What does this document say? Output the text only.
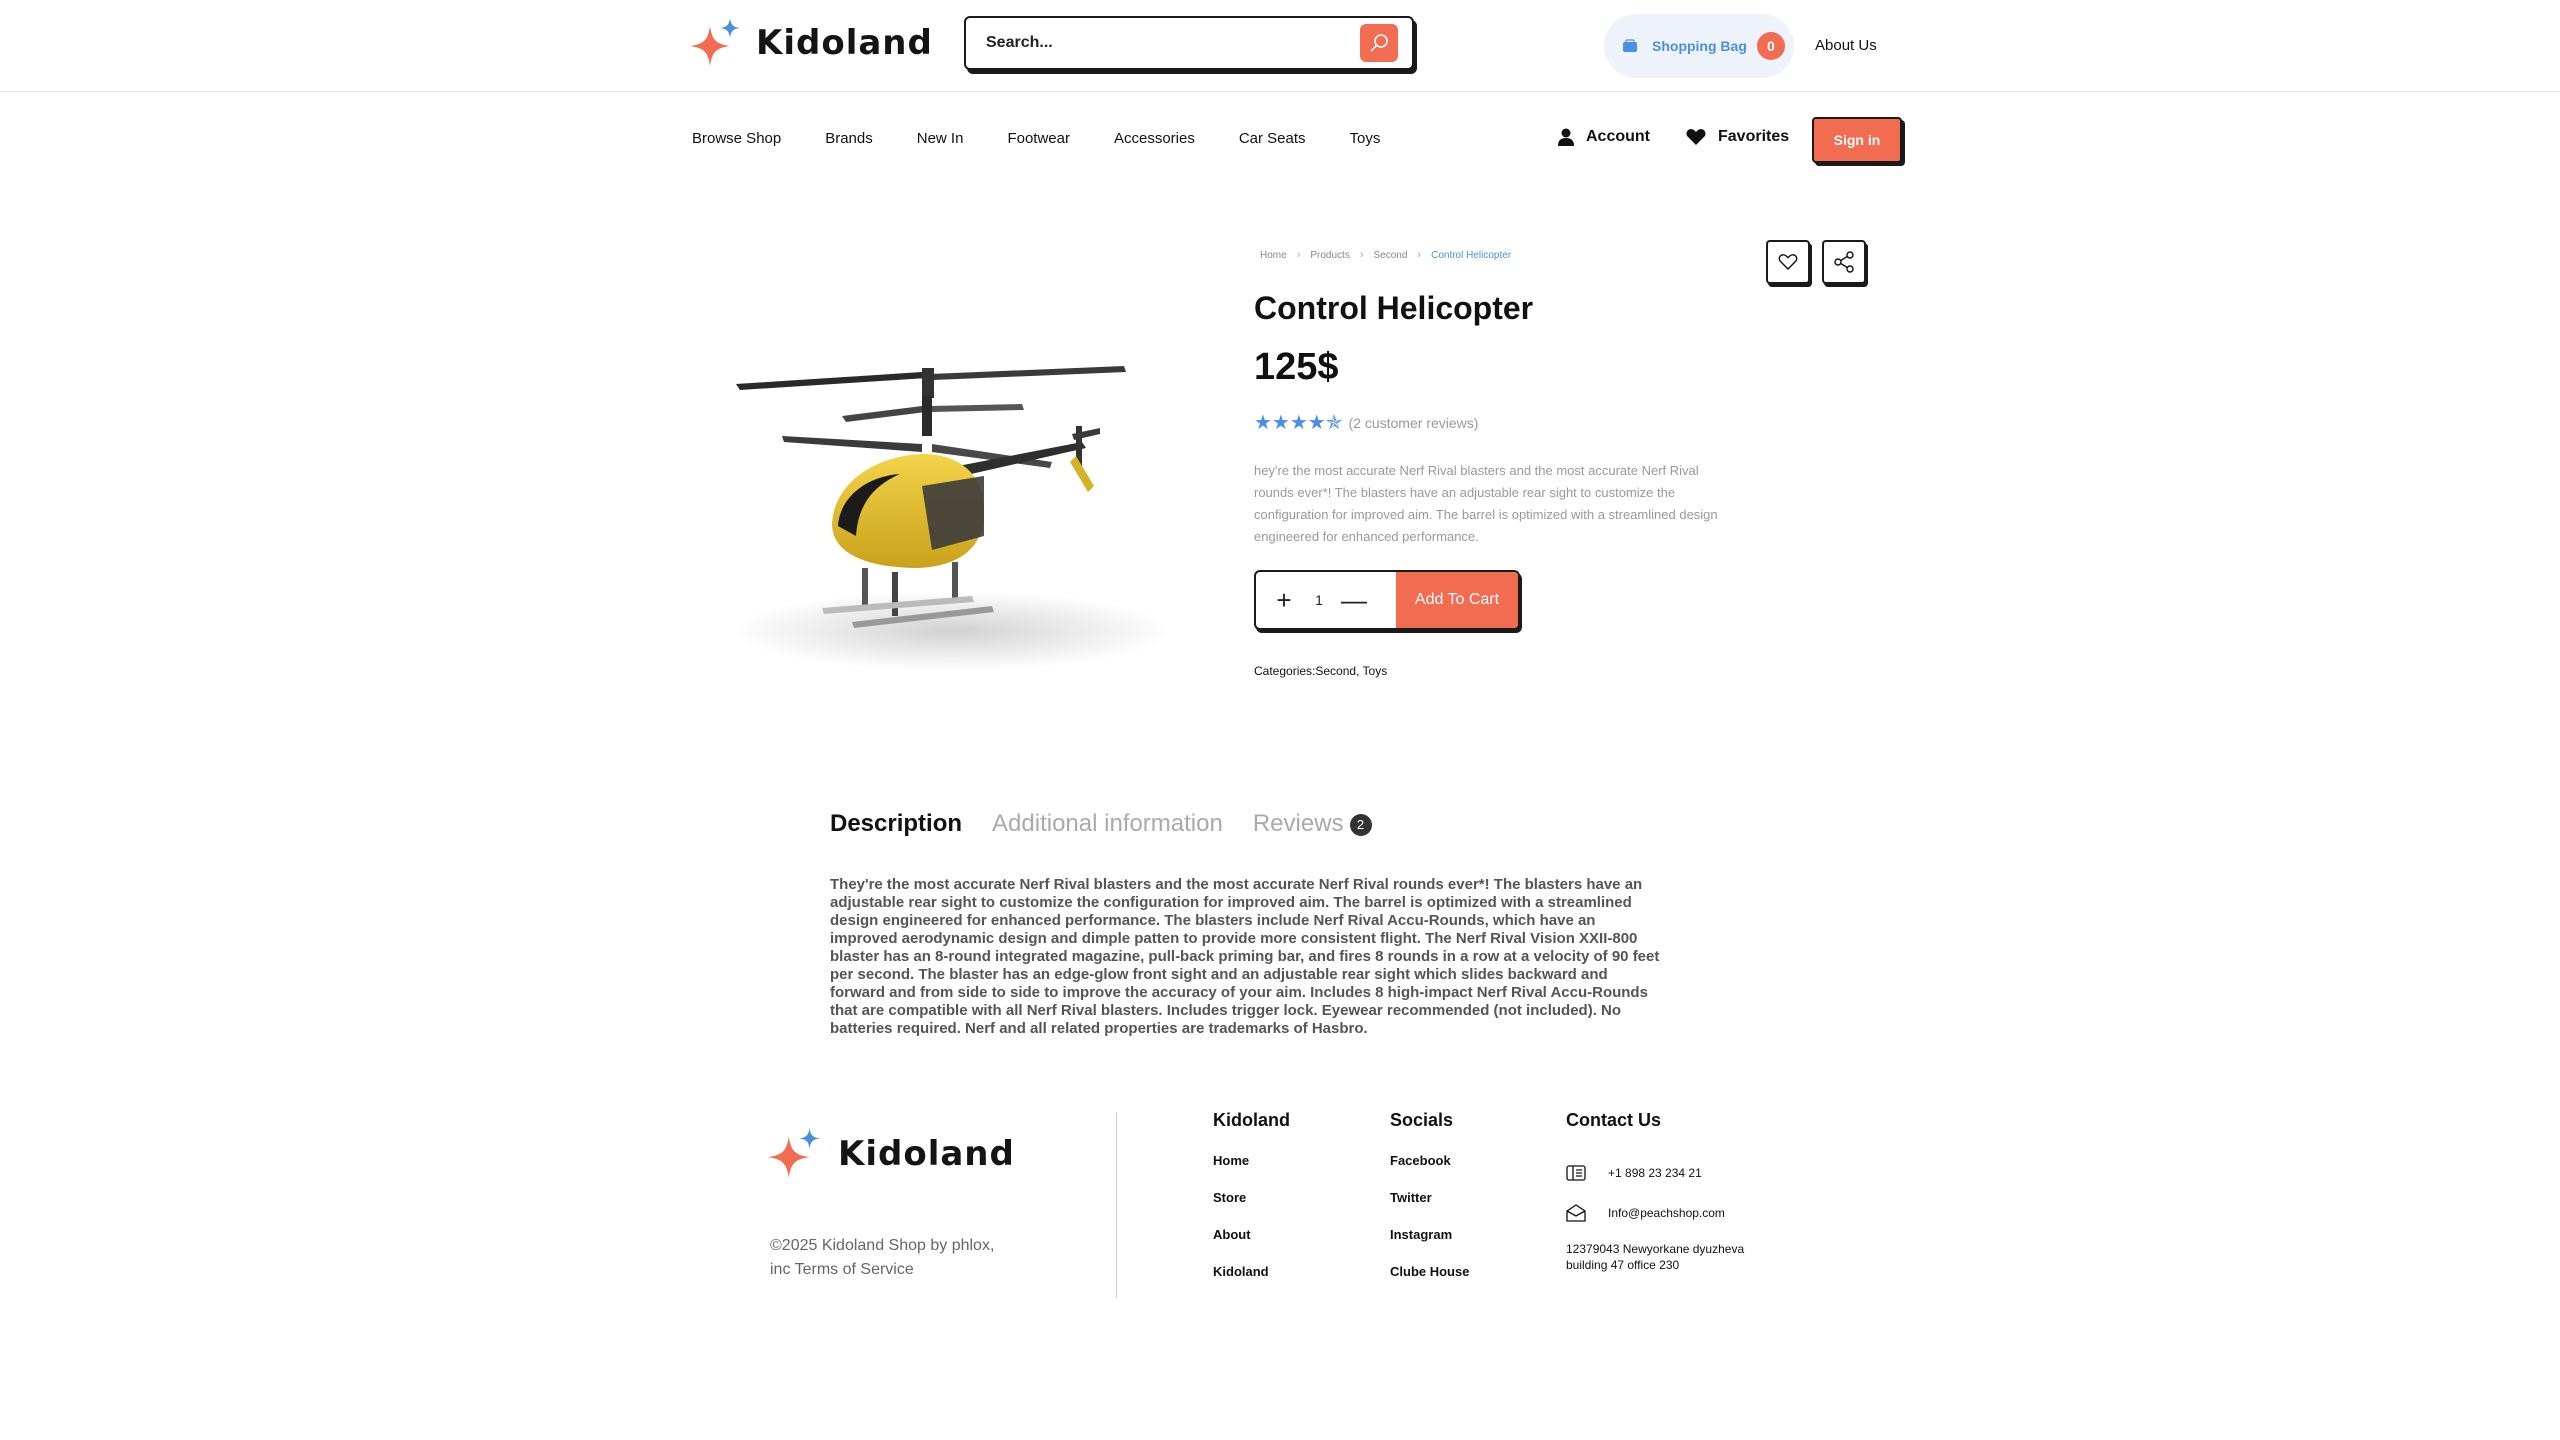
Kidoland
Search...	Shopping Bag	0	About Us
Browse Shop	Brands	New In	Footwear	Accessories	Car Seats	Toys	Account	Favorites	Sign in
Home › Products › Second › Control Helicopter
Control Helicopter
125$
★★★★✯ (2 customer reviews)

hey're the most accurate Nerf Rival blasters and the most accurate Nerf Rival rounds ever*! The blasters have an adjustable rear sight to customize the configuration for improved aim. The barrel is optimized with a streamlined design engineered for enhanced performance.

+	1 —	Add To Cart
Categories:Second, Toys
Description Additional information Reviews 2

They're the most accurate Nerf Rival blasters and the most accurate Nerf Rival rounds ever*! The blasters have an adjustable rear sight to customize the configuration for improved aim. The barrel is optimized with a streamlined design engineered for enhanced performance. The blasters include Nerf Rival Accu-Rounds, which have an improved aerodynamic design and dimple patten to provide more consistent flight. The Nerf Rival Vision XXII-800 blaster has an 8-round integrated magazine, pull-back priming bar, and fires 8 rounds in a row at a velocity of 90 feet per second. The blaster has an edge-glow front sight and an adjustable rear sight which slides backward and forward and from side to side to improve the accuracy of your aim. Includes 8 high-impact Nerf Rival Accu-Rounds that are compatible with all Nerf Rival blasters. Includes trigger lock. Eyewear recommended (not included). No batteries required. Nerf and all related properties are trademarks of Hasbro.

Kidoland

©2025 Kidoland Shop by phlox, inc Terms of Service

Kidoland
Home
Store
About
Kidoland
Socials
Facebook
Twitter
Instagram
Clube House
Contact Us
+1 898 23 234 21
Info@peachshop.com

12379043 Newyorkane dyuzheva building 47 office 230
